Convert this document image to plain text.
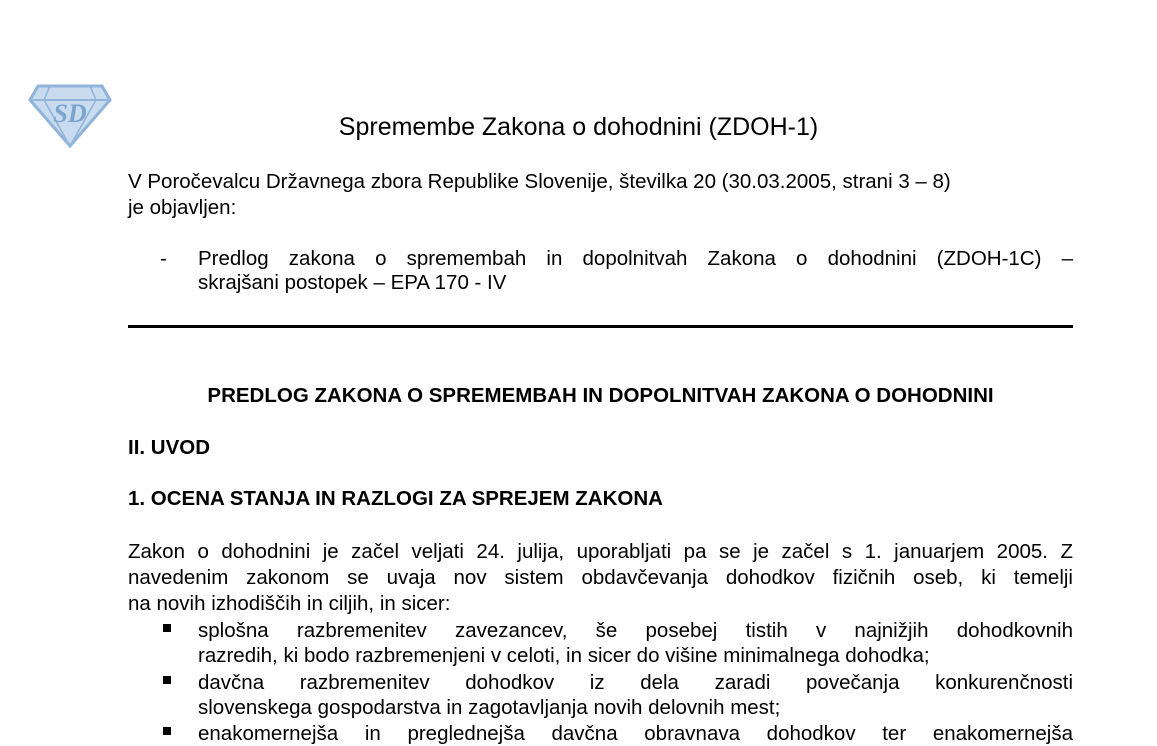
SD	Spremembe Zakona o dohodnini (ZDOH-1)
V Poročevalcu Državnega zbora Republike Slovenije, številka 20 (30.03.2005, strani 3 – 8)
je objavljen:
- Predlog zakona o spremembah in dopolnitvah Zakona o dohodnini (ZDOH-1C) –
skrajšani postopek – EPA 170 - IV
PREDLOG ZAKONA O SPREMEMBAH IN DOPOLNITVAH ZAKONA O DOHODNINI
II. UVOD
1. OCENA STANJA IN RAZLOGI ZA SPREJEM ZAKONA
Zakon o dohodnini je začel veljati 24. julija, uporabljati pa se je začel s 1. januarjem 2005. Z
navedenim zakonom se uvaja nov sistem obdavčevanja dohodkov fizičnih oseb, ki temelji
na novih izhodiščih in ciljih, in sicer:
splošna razbremenitev zavezancev, še posebej tistih v najnižjih dohodkovnih
razredih, ki bodo razbremenjeni v celoti, in sicer do višine minimalnega dohodka;
davčna razbremenitev dohodkov iz dela zaradi povečanja konkurenčnosti
slovenskega gospodarstva in zagotavljanja novih delovnih mest;
enakomernejša in preglednejša davčna obravnava dohodkov ter enakomernejša
